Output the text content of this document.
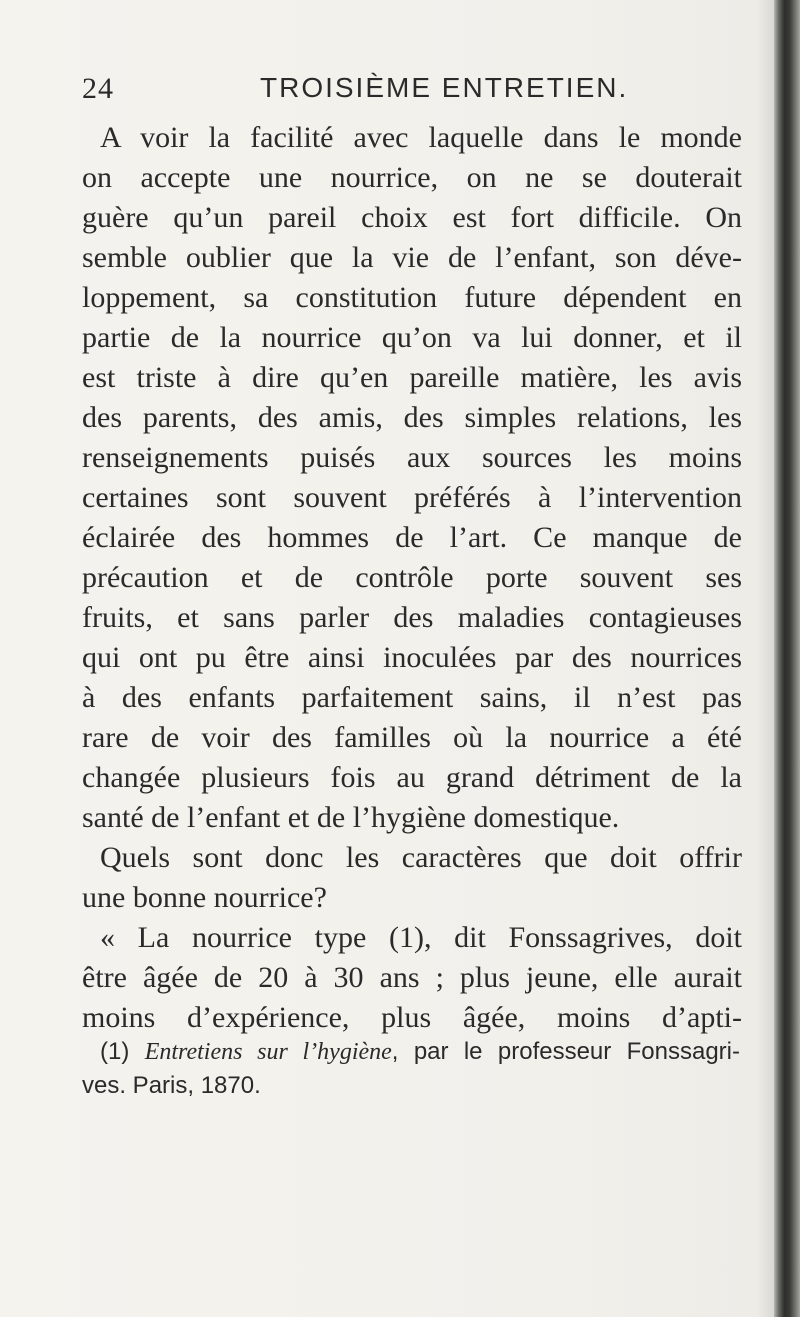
24	TROISIÈME ENTRETIEN.
A voir la facilité avec laquelle dans le monde
on accepte une nourrice, on ne se douterait
guère qu’un pareil choix est fort difficile. On
semble oublier que la vie de l’enfant, son déve-
loppement, sa constitution future dépendent en
partie de la nourrice qu’on va lui donner, et il
est triste à dire qu’en pareille matière, les avis
des parents, des amis, des simples relations, les
renseignements puisés aux sources les moins
certaines sont souvent préférés à l’intervention
éclairée des hommes de l’art. Ce manque de
précaution et de contrôle porte souvent ses
fruits, et sans parler des maladies contagieuses
qui ont pu être ainsi inoculées par des nourrices
à des enfants parfaitement sains, il n’est pas
rare de voir des familles où la nourrice a été
changée plusieurs fois au grand détriment de la
santé de l’enfant et de l’hygiène domestique.
Quels sont donc les caractères que doit offrir
une bonne nourrice?
« La nourrice type (1), dit Fonssagrives, doit
être âgée de 20 à 30 ans ; plus jeune, elle aurait
moins d’expérience, plus âgée, moins d’apti-
(1) Entretiens sur l’hygiène, par le professeur Fonssagri-
ves. Paris, 1870.
